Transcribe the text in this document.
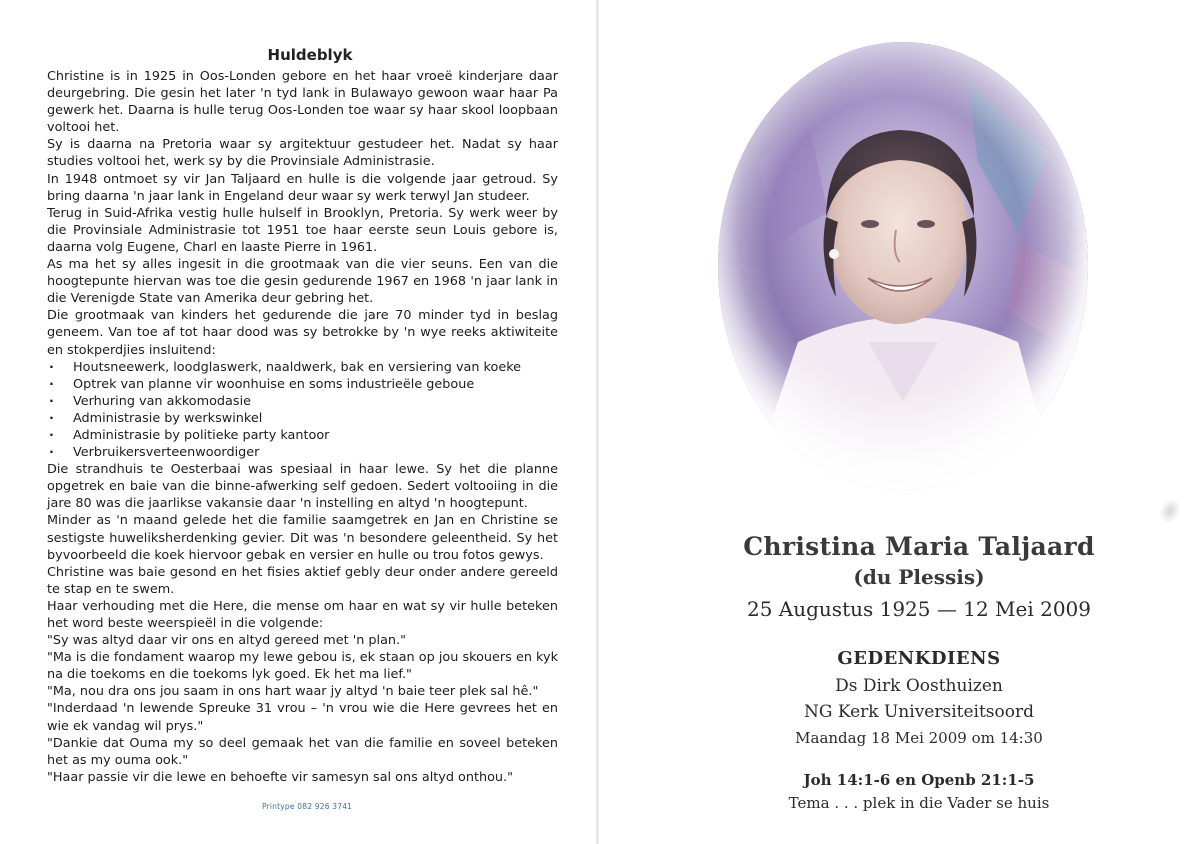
Huldeblyk

Christine is in 1925 in Oos-Londen gebore en het haar vroeë kinderjare daar deurgebring. Die gesin het later 'n tyd lank in Bulawayo gewoon waar haar Pa gewerk het. Daarna is hulle terug Oos-Londen toe waar sy haar skool loopbaan voltooi het.

Sy is daarna na Pretoria waar sy argitektuur gestudeer het. Nadat sy haar studies voltooi het, werk sy by die Provinsiale Administrasie.

In 1948 ontmoet sy vir Jan Taljaard en hulle is die volgende jaar getroud. Sy bring daarna 'n jaar lank in Engeland deur waar sy werk terwyl Jan studeer.

Terug in Suid-Afrika vestig hulle hulself in Brooklyn, Pretoria. Sy werk weer by die Provinsiale Administrasie tot 1951 toe haar eerste seun Louis gebore is, daarna volg Eugene, Charl en laaste Pierre in 1961.

As ma het sy alles ingesit in die grootmaak van die vier seuns. Een van die hoogtepunte hiervan was toe die gesin gedurende 1967 en 1968 'n jaar lank in die Verenigde State van Amerika deur gebring het.

Die grootmaak van kinders het gedurende die jare 70 minder tyd in beslag geneem. Van toe af tot haar dood was sy betrokke by 'n wye reeks aktiwiteite en stokperdjies insluitend:

· Houtsneewerk, loodglaswerk, naaldwerk, bak en versiering van koeke
· Optrek van planne vir woonhuise en soms industrieële geboue
· Verhuring van akkomodasie
· Administrasie by werkswinkel
· Administrasie by politieke party kantoor
· Verbruikersverteenwoordiger

Die strandhuis te Oesterbaai was spesiaal in haar lewe. Sy het die planne opgetrek en baie van die binne-afwerking self gedoen. Sedert voltooiing in die jare 80 was die jaarlikse vakansie daar 'n instelling en altyd 'n hoogtepunt.

Minder as 'n maand gelede het die familie saamgetrek en Jan en Christine se sestigste huweliksherdenking gevier. Dit was 'n besondere geleentheid. Sy het byvoorbeeld die koek hiervoor gebak en versier en hulle ou trou fotos gewys.

Christine was baie gesond en het fisies aktief gebly deur onder andere gereeld te stap en te swem.

Haar verhouding met die Here, die mense om haar en wat sy vir hulle beteken het word beste weerspieël in die volgende:

"Sy was altyd daar vir ons en altyd gereed met 'n plan."

"Ma is die fondament waarop my lewe gebou is, ek staan op jou skouers en kyk na die toekoms en die toekoms lyk goed. Ek het ma lief."

"Ma, nou dra ons jou saam in ons hart waar jy altyd 'n baie teer plek sal hê."

"Inderdaad 'n lewende Spreuke 31 vrou – 'n vrou wie die Here gevrees het en wie ek vandag wil prys."

"Dankie dat Ouma my so deel gemaak het van die familie en soveel beteken het as my ouma ook."

"Haar passie vir die lewe en behoefte vir samesyn sal ons altyd onthou."

Printype 082 926 3741
Christina Maria Taljaard
(du Plessis)
25 Augustus 1925 — 12 Mei 2009
GEDENKDIENS
Ds Dirk Oosthuizen
NG Kerk Universiteitsoord
Maandag 18 Mei 2009 om 14:30
Joh 14:1-6 en Openb 21:1-5
Tema . . . plek in die Vader se huis
